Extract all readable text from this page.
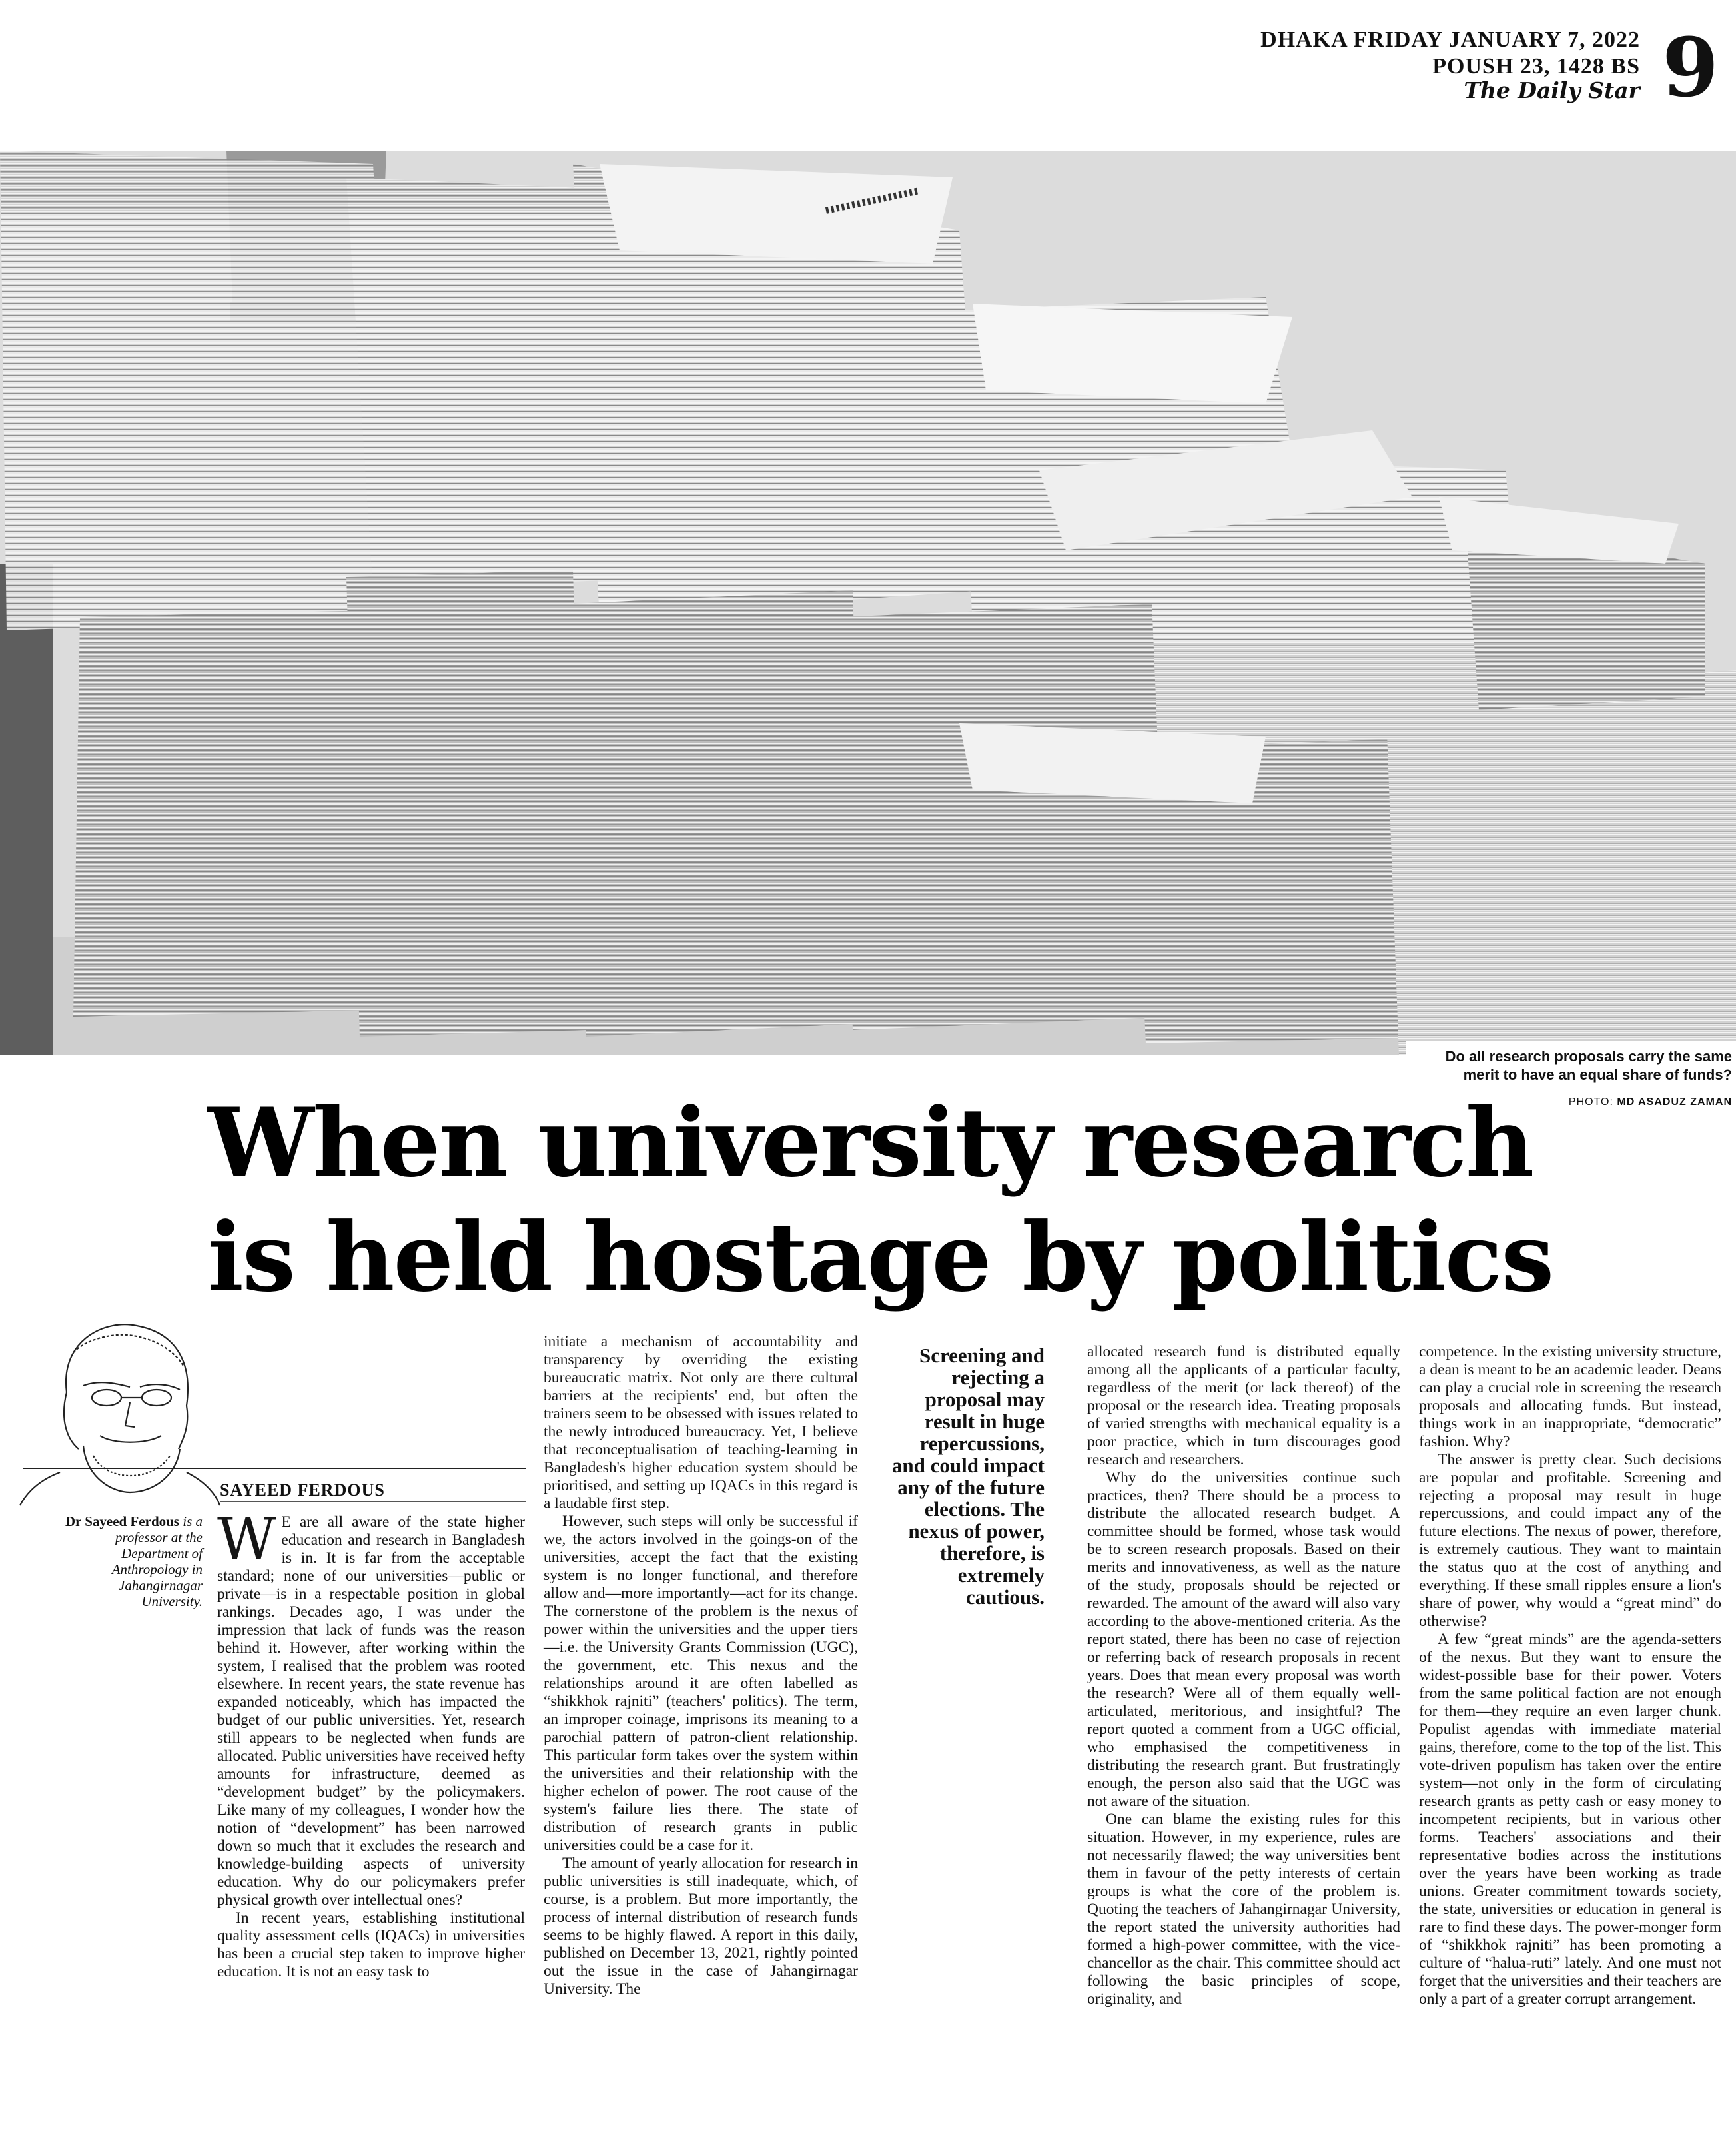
DHAKA FRIDAY JANUARY 7, 2022
POUSH 23, 1428 BS
The Daily Star 9
Do all research proposals carry the same merit to have an equal share of funds?
PHOTO: MD ASADUZ ZAMAN
When university research is held hostage by politics
SAYEED FERDOUS
Dr Sayeed Ferdous is a professor at the Department of Anthropology in Jahangirnagar University.

W E are all aware of the state higher education and research in Bangladesh is in. It is far from the acceptable standard; none of our universities—public or private—is in a respectable position in global rankings. Decades ago, I was under the impression that lack of funds was the reason behind it. However, after working within the system, I realised that the problem was rooted elsewhere. In recent years, the state revenue has expanded noticeably, which has impacted the budget of our public universities. Yet, research still appears to be neglected when funds are allocated. Public universities have received hefty amounts for infrastructure, deemed as “development budget” by the policymakers. Like many of my colleagues, I wonder how the notion of “development” has been narrowed down so much that it excludes the research and knowledge-building aspects of university education. Why do our policymakers prefer physical growth over intellectual ones?

In recent years, establishing institutional quality assessment cells (IQACs) in universities has been a crucial step taken to improve higher education. It is not an easy task to

initiate a mechanism of accountability and transparency by overriding the existing bureaucratic matrix. Not only are there cultural barriers at the recipients' end, but often the trainers seem to be obsessed with issues related to the newly introduced bureaucracy. Yet, I believe that reconceptualisation of teaching-learning in Bangladesh's higher education system should be prioritised, and setting up IQACs in this regard is a laudable first step.

However, such steps will only be successful if we, the actors involved in the goings-on of the universities, accept the fact that the existing system is no longer functional, and therefore allow and—more importantly—act for its change. The cornerstone of the problem is the nexus of power within the universities and the upper tiers—i.e. the University Grants Commission (UGC), the government, etc. This nexus and the relationships around it are often labelled as “shikkhok rajniti” (teachers' politics). The term, an improper coinage, imprisons its meaning to a parochial pattern of patron-client relationship. This particular form takes over the system within the universities and their relationship with the higher echelon of power. The root cause of the system's failure lies there. The state of distribution of research grants in public universities could be a case for it.

The amount of yearly allocation for research in public universities is still inadequate, which, of course, is a problem. But more importantly, the process of internal distribution of research funds seems to be highly flawed. A report in this daily, published on December 13, 2021, rightly pointed out the issue in the case of Jahangirnagar University. The

Screening and rejecting a proposal may result in huge repercussions, and could impact any of the future elections. The nexus of power, therefore, is extremely cautious.

allocated research fund is distributed equally among all the applicants of a particular faculty, regardless of the merit (or lack thereof) of the proposal or the research idea. Treating proposals of varied strengths with mechanical equality is a poor practice, which in turn discourages good research and researchers.

Why do the universities continue such practices, then? There should be a process to distribute the allocated research budget. A committee should be formed, whose task would be to screen research proposals. Based on their merits and innovativeness, as well as the nature of the study, proposals should be rejected or rewarded. The amount of the award will also vary according to the above-mentioned criteria. As the report stated, there has been no case of rejection or referring back of research proposals in recent years. Does that mean every proposal was worth the research? Were all of them equally well-articulated, meritorious, and insightful? The report quoted a comment from a UGC official, who emphasised the competitiveness in distributing the research grant. But frustratingly enough, the person also said that the UGC was not aware of the situation.

One can blame the existing rules for this situation. However, in my experience, rules are not necessarily flawed; the way universities bent them in favour of the petty interests of certain groups is what the core of the problem is. Quoting the teachers of Jahangirnagar University, the report stated the university authorities had formed a high-power committee, with the vice-chancellor as the chair. This committee should act following the basic principles of scope, originality, and

competence. In the existing university structure, a dean is meant to be an academic leader. Deans can play a crucial role in screening the research proposals and allocating funds. But instead, things work in an inappropriate, “democratic” fashion. Why?

The answer is pretty clear. Such decisions are popular and profitable. Screening and rejecting a proposal may result in huge repercussions, and could impact any of the future elections. The nexus of power, therefore, is extremely cautious. They want to maintain the status quo at the cost of anything and everything. If these small ripples ensure a lion's share of power, why would a “great mind” do otherwise?

A few “great minds” are the agenda-setters of the nexus. But they want to ensure the widest-possible base for their power. Voters from the same political faction are not enough for them—they require an even larger chunk. Populist agendas with immediate material gains, therefore, come to the top of the list. This vote-driven populism has taken over the entire system—not only in the form of circulating research grants as petty cash or easy money to incompetent recipients, but in various other forms. Teachers' associations and their representative bodies across the institutions over the years have been working as trade unions. Greater commitment towards society, the state, universities or education in general is rare to find these days. The power-monger form of “shikkhok rajniti” has been promoting a culture of “halua-ruti” lately. And one must not forget that the universities and their teachers are only a part of a greater corrupt arrangement.
